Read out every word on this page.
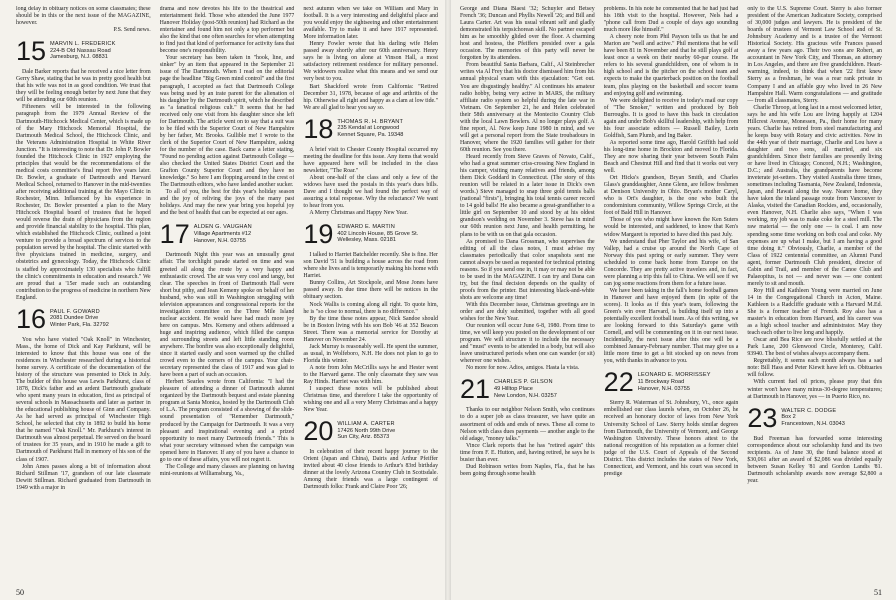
long delay in obituary notices on some classmates; these should be in this or the next issue of the MAGAZINE, however.

P.S. Send news.

15 MARVIN L. FREDERICK
224-B Old Nassau Road
Jamesburg, N.J. 08831

Dale Barker reports that he received a nice letter from Gerry Shaw, stating that he was in pretty good health but that his wife was not in as good condition. We trust that they will be feeling enough better by next June that they will be attending our 60th reunion.

Fifteeners will be interested in the following paragraph from the 1979 Annual Review of the Dartmouth-Hitchcock Medical Center, which is made up of the Mary Hitchcock Memorial Hospital, the Dartmouth Medical School, the Hitchcock Clinic, and the Veterans Administration Hospital in White River Junction. "It is interesting to note that Dr. John P. Bowler founded the Hitchcock Clinic in 1927 employing the principles that would be the recommendations of the medical costs committee's final report five years later. Dr. Bowler, a graduate of Dartmouth and Harvard Medical School, returned to Hanover in the mid-twenties after receiving additional training at the Mayo Clinic in Rochester, Minn. Influenced by his experience in Rochester, Dr. Bowler presented a plan to the Mary Hitchcock Hospital board of trustees that he hoped would reverse the drain of physicians from the region and provide financial stability to the hospital. This plan, which established the Hitchcock Clinic, outlined a joint venture to provide a broad spectrum of services to the population served by the hospital. The clinic started with five physicians trained in medicine, surgery, and obstetrics and gynecology. Today, the Hitchcock Clinic is staffed by approximately 130 specialists who fulfill the clinic's commitments in education and research." We are proud that a '15er made such an outstanding contribution to the progress of medicine in northern New England.

16 PAUL F. GOWARD
2081 Dundee Drive
Winter Park, Fla. 32792

You who have visited "Oak Knoll" in Winchester, Mass., the home of Dick and Kay Parkhurst, will be interested to know that this house was one of the residences in Winchester researched during a historical home survey. A certificate of the documentation of the history of the structure was presented to Dick in July. The builder of this house was Lewis Parkhurst, class of 1878, Dick's father and an ardent Dartmouth graduate who spent many years in education, first as principal of several schools in Massachusetts and later as partner in the educational publishing house of Ginn and Company. As he had served as principal of Winchester High School, he selected that city in 1892 to build his home that he named "Oak Knoll." Mr. Parkhurst's interest in Dartmouth was almost perpetual. He served on the board of trustees for 35 years, and in 1910 he made a gift to Dartmouth of Parkhurst Hall in memory of his son of the class of 1907.

John Ames passes along a bit of information about Richard Stillman '17, grandson of our late classmate Dewitt Stillman. Richard graduated from Dartmouth in 1949 with a major in

drama and now devotes his life to the theatrical and entertainment field. Those who attended the June 1977 Hanover Holiday (post-50th reunion) had Richard as the entertainer and found him not only a top performer but also the kind that one often searches for when attempting to find just that kind of performance for activity fans that become one's responsibility.

Your secretary has been taken in "hook, line, and sinker" by an item that appeared in the September 21 issue of The Dartmouth. When I read on the editorial page the headline "Big Green mind control" and the first paragraph, I accepted as fact that Dartmouth College was being used by an irate parent for the alienation of his daughter by the Dartmouth spirit, which he described as "a fanatical religious cult." It seems that he had received only one visit from his daughter since she left for Dartmouth. The article went on to say that a suit was to be filed with the Superior Court of New Hampshire by her father, Mr. Brooks. Gullible me! I wrote to the clerk of the Superior Court of New Hampshire, asking for the number of the case. Back came a letter stating, "Found no pending action against Dartmouth College — also checked the United States District Court and the Grafton County Superior Court and they have no knowledge." So here I am flopping around in the crest of The Dartmouth editors, who have landed another sucker.

To all of you, the best for this year's holiday season and the joy of reliving the joys of the many past holidays. And may the new year bring you hopeful joy and the best of health that can be expected at our ages.

17 ALDEN G. VAUGHAN
Village Apartments #12
Hanover, N.H. 03755

Dartmouth Night this year was an unusually great affair. The torchlight parade started on time and was greeted all along the route by a very happy and enthusiastic crowd. The air was very cool and tangy, but clear. The speeches in front of Dartmouth Hall were short but pithy, and Jean Kemeny spoke on behalf of her husband, who was still in Washington struggling with television appearances and congressional reports for the investigation committee on the Three Mile Island nuclear accident. He would have had much more joy here on campus. Mrs. Kemeny and others addressed a huge and inspiring audience, which filled the campus and surrounding streets and left little standing room anywhere. The bonfire was also exceptionally delightful, since it started easily and soon warmed up the chilled crowd even to the corners of the campus. Your chair-secretary represented the class of 1917 and was glad to have been a part of such an occasion.

Herbert Searles wrote from California: "I had the pleasure of attending a dinner of Dartmouth alumni organized by the Dartmouth bequest and estate planning program at Santa Monica, hosted by the Dartmouth Club of L.A. The program consisted of a showing of the slide-sound presentation of "Remember Dartmouth," produced by the Campaign for Dartmouth. It was a very pleasant and inspirational evening and a prized opportunity to meet many Dartmouth friends." This is what your secretary witnessed when the campaign was opened here in Hanover. If any of you have a chance to go to one of these affairs, you will not regret it.

The College and many classes are planning on having mini-reunions at Williamsburg, Va.,

next autumn when we take on William and Mary in football. It is a very interesting and delightful place and you would enjoy the sightseeing and other entertainment available. Try to make it and have 1917 represented. More information later.

Henry Fowler wrote that his darling wife Helen passed away shortly after our 60th anniversary. Henry says he is living on alone at Vinson Hall, a most satisfactory retirement residence for military personnel. We widowers realize what this means and we send our very best to you.

Bart Shackford wrote from California: "Retired December 31, 1978, because of age and arthritis of the hip. Otherwise all right and happy as a clam at low tide." We are all glad to hear you say so.

18 THOMAS R. H. BRYANT
235 Kendal at Longwood
Kennet Square, Pa. 19348

A brief visit to Chester County Hospital occurred my meeting the deadline for this issue. Any items that would have appeared here will be included in the class newsletter, "The Roar."

About one-half of the class and only a few of the widows have used the postals in this year's dues bills. Dave and I thought we had found the perfect way of assuring a total response. Why the reluctance? We want to hear from you.

A Merry Christmas and Happy New Year.

19 EDWARD E. MARTIN
402 Lincoln House, 85 Grove St.
Wellesley, Mass. 02181

I talked to Harriet Batchelder recently. She is fine. Her son David '51 is building a house across the road from where she lives and is temporarily making his home with Harriet.

Bunny Collins, Art Stockpole, and Mose Jones have passed away. In due time there will be notices in the obituary section.

Nock Wallis is coming along all right. To quote him, he is "so close to normal, there is no difference."

By the time these notes appear, Nick Sandoe should be in Boston living with his son Bob '46 at 352 Beacon Street. There was a memorial service for Dorothy at Hanover on November 24.

Jack Murray is reasonably well. He spent the summer, as usual, in Wolfeboro, N.H. He does not plan to go to Florida this winter.

A note from John McCrillis says he and Hester went to the Harvard game. The only classmate they saw was Ray Hinds. Harriet was with him.

I suspect these notes will be published about Christmas time, and therefore I take the opportunity of wishing one and all a very Merry Christmas and a happy New Year.

20 WILLIAM A. CARTER
17426 North 99th Drive
Sun City, Ariz. 85373

In celebration of their recent happy journey to the Orient (Japan and China), Dairis and Arthur Pfeiffer invited about 40 close friends to Arthur's 83rd birthday dinner at the lovely Arizona Country Club in Scottsdale. Among their friends was a large contingent of Dartmouth folks: Frank and Claire Poor '26;

50

George and Diana Blaesi '32; Schuyler and Betsey French '36; Duncan and Phyllis Newell '26; and Bill and Laura Carter. Art was his usual vibrant self and gladly demonstrated his terpsichorean skill. No partner escaped him as he smoothly glided over the floor. A charming host and hostess, the Pfeiffers presided over a gala occasion. The memories of this party will never be forgotten by its attendees.

From beautiful Santa Barbara, Calif., Al Steinbrecher writes via Al Frey that his doctor dismissed him from his annual physical exam with this ejaculation: "Get out. You are disgustingly healthy." Al continues his amateur radio hobby, being very active in MARS, the military affiliate radio system so helpful during the late war in Vietnam. On September 21, he and Helen celebrated their 58th anniversary at the Montecito Country Club with the local Lawn Bowlers. Al no longer plays golf. A fine report, Al. Now keep June 1980 in mind, and we will get a personal report from the State troubadours in Hanover, where the 1920 families will gather for their 60th reunion. See you there.

Heard recently from Steve Graves of Novato, Calif., who had a great summer criss-crossing New England in his camper, visiting many relatives and friends, among them Dick Goddard in Connecticut. (The story of this reunion will be related in a later issue in Dick's own words.) Steve managed to snap three gold tennis balls (national "firsts"), bringing his total tennis career record to 14 gold balls! He also became a great-grandfather to a little girl on September 10 and stood by at his oldest grandson's wedding on November 3. Steve has in mind our 60th reunion next June, and health permitting, he plans to be with us on that gala occasion.

As promised to Dana Grossman, who supervises the editing of all the class notes, I must advise my classmates periodically that color snapshots sent me cannot always be used as requested for technical printing reasons. So if you send one in, it may or may not be able to be used in the MAGAZINE. I can try and Dana can try, but the final decision depends on the quality of proofs from the printer. But interesting black-and-white shots are welcome any time!

With this December issue, Christmas greetings are in order and are duly submitted, together with all good wishes for the New Year.

Our reunion will occur June 6-8, 1980. From time to time, we will keep you posted on the development of our program. We will structure it to include the necessary and "must" events to be attended in a body, but will also leave unstructured periods when one can wander (or sit) wherever one wishes.

No more for now. Adios, amigos. Hasta la vista.

21 CHARLES P. GILSON
49 Hilltop Place
New London, N.H. 03257

Thanks to our neighbor Nelson Smith, who continues to do a super job as class treasurer, we have quite an assortment of odds and ends of news. These all come to Nelson with class dues payments — another angle to the old adage, "money talks."

Vince Clark reports that he has "retired again" this time from F. E. Hutton, and, having retired, he says he is busier than ever.

Dud Robinson writes from Naples, Fla., that he has been going through some health

problems. In his note he commented that he had just had his 18th visit to the hospital. However, Nels had a "phone call from Dud a couple of days ago sounding much more like himself."

A cheery note from Phil Payson tells us that he and Marion are "well and active." Phil mentions that he will have been 81 in November and that he still plays golf at least once a week on their nearby 60-par course. He refers to his several grandchildren, one of whom is in high school and is the pitcher on the school team and expects to make the quarterback position on the football team, plus playing on the basketball and soccer teams and enjoying golf and swimming.

We were delighted to receive in today's mail our copy of "The Smoker," written and produced by Bob Burroughs. It is good to have this back in circulation again and under Bob's skillful leadership, with help from his four associate editors — Russell Bailey, Lorin Goldfish, Sam Plumb, and Ing Baker.

As reported some time ago, Harold Griffith had sold his long-time home in Brockton and moved to Florida. They are now sharing their year between South Palm Beach and Chestnut Hill and find that it works out very well.

Ort Hicks's grandson, Bryan Smith, and Charles Glass's granddaughter, Anne Glenn, are fellow freshmen at Denison University in Ohio. Bryan's mother Caryl, who is Ort's daughter, is the one who built the condominium community, Willow Springs Circle, at the foot of Bald Hill in Hanover.

Those of you who might have known the Ken Suters would be interested, and saddened, to know that Ken's widow Margaret is reported to have died this past July.

We understand that Pher Taylor and his wife, of San Vallep, had a cruise up around the North Cape of Norway this past spring or early summer. They were scheduled to come back home from Europe on the Concorde. They are pretty active travelers and, in fact, were planning a trip this fall to China. We will see if we can jog some reactions from them for a future issue.

We have been taking in the fall's home football games in Hanover and have enjoyed them (in spite of the scores). It looks as if this year's team, following the Green's win over Harvard, is building itself up into a potentially excellent football team. As of this writing, we are looking forward to this Saturday's game with Cornell, and will be commenting on it in our next issue. Incidentally, the next issue after this one will be a combined January-February number. That may give us a little more time to get a bit stocked up on news from you, with thanks in advance to you.

22 LEONARD E. MORRISSEY
11 Brockway Road
Hanover, N.H. 03755

Sterry R. Waterman of St. Johnsbury, Vt., once again embellished our class laurels when, on October 26, he received an honorary doctor of laws from New York University School of Law. Sterry holds similar degrees from Dartmouth, the University of Vermont, and George Washington University. These honors attest to the national recognition of his reputation as a former chief judge of the U.S. Court of Appeals of the Second District. This district includes the states of New York, Connecticut, and Vermont, and his court was second in prestige

only to the U.S. Supreme Court. Sterry is also former president of the American Judicature Society, comprised of 30,000 judges and lawyers. He is president of the boards of trustees of Vermont Law School and of St. Johnsbury Academy and is a trustee of the Vermont Historical Society. His gracious wife Frances passed away a few years ago. Their two sons are Robert, an accountant in New York City, and Thomas, an attorney in Los Angeles, and there are five grandchildren. Heart-warming, indeed, to think that when '22 first knew Sterry as a freshman, he was a rear rank private in Company I and an affable guy who lived in 26 New Hampshire Hall. Warm congratulations — and gratitude — from all classmates, Sterry.

Charlie Throop, at long last in a most welcomed letter, says he and his wife Lou are living happily at 1204 Hillcrest Avenue, Monessen, Pa., their home for many years. Charlie has retired from steel manufacturing and he keeps busy with Rotary and civic activities. Now in the 44th year of their marriage, Charlie and Lou have a daughter and two sons, all married, and six grandchildren. Since their families are presently living or have lived in Chicago; Concord, N.H.; Washington, D.C.; and Australia, the grandparents have become inveterate jet-setters. They visited Australia three times, sometimes including Tasmania, New Zealand, Indonesia, Japan, and Hawaii along the way. Nearer home, they have taken the inland passage route from Vancouver to Alaska, visited the Canadian Rockies, and, occasionally, even Hanover, N.H. Charlie also says, "When I was working, my job was to make coke for a steel mill. The raw material — the only one — is coal. I am now spending some time working on both coal and coke. My expenses are up what I make, but I am having a good time doing it." Obviously, Charlie, a member of the Class of 1922 centennial committee, an Alumni Fund agent, former Dartmouth Club president, director of Cabin and Trail, and member of the Canoe Club and Palaeopitus, is not — and never was — one content merely to sit and mouth.

Roy Hill and Kathleen Young were married on June 14 in the Congregational Church in Acton, Maine. Kathleen is a Radcliffe graduate with a Harvard M.Ed. She is a former teacher of French. Roy also has a master's in education from Harvard, and his career was as a high school teacher and administrator. May they teach each other to live long and happily.

Oscar and Bea Rice are now blissfully settled at the Park Lane, 200 Glenwood Circle, Monterey, Calif. 93940. The best of wishes always accompany them.

Regrettably, it seems each month always has a sad note: Bill Hass and Peter Kiewit have left us. Obituaries will follow.

With current fuel oil prices, please pray that this winter won't have many minus-30-degree temperatures; at Dartmouth in Hanover, yes — in Puerto Rico, no.

23 WALTER C. DODGE
Box 2
Francestown, N.H. 03043

Bud Freeman has forwarded some interesting correspondence about our scholarship fund and its two recipients. As of June 30, the fund balance stood at $30,061 after an award of $2,086 was divided equally between Susan Kelley '81 and Gordon Landis '81. Dartmouth scholarship awards now average $2,800 a year.

51
